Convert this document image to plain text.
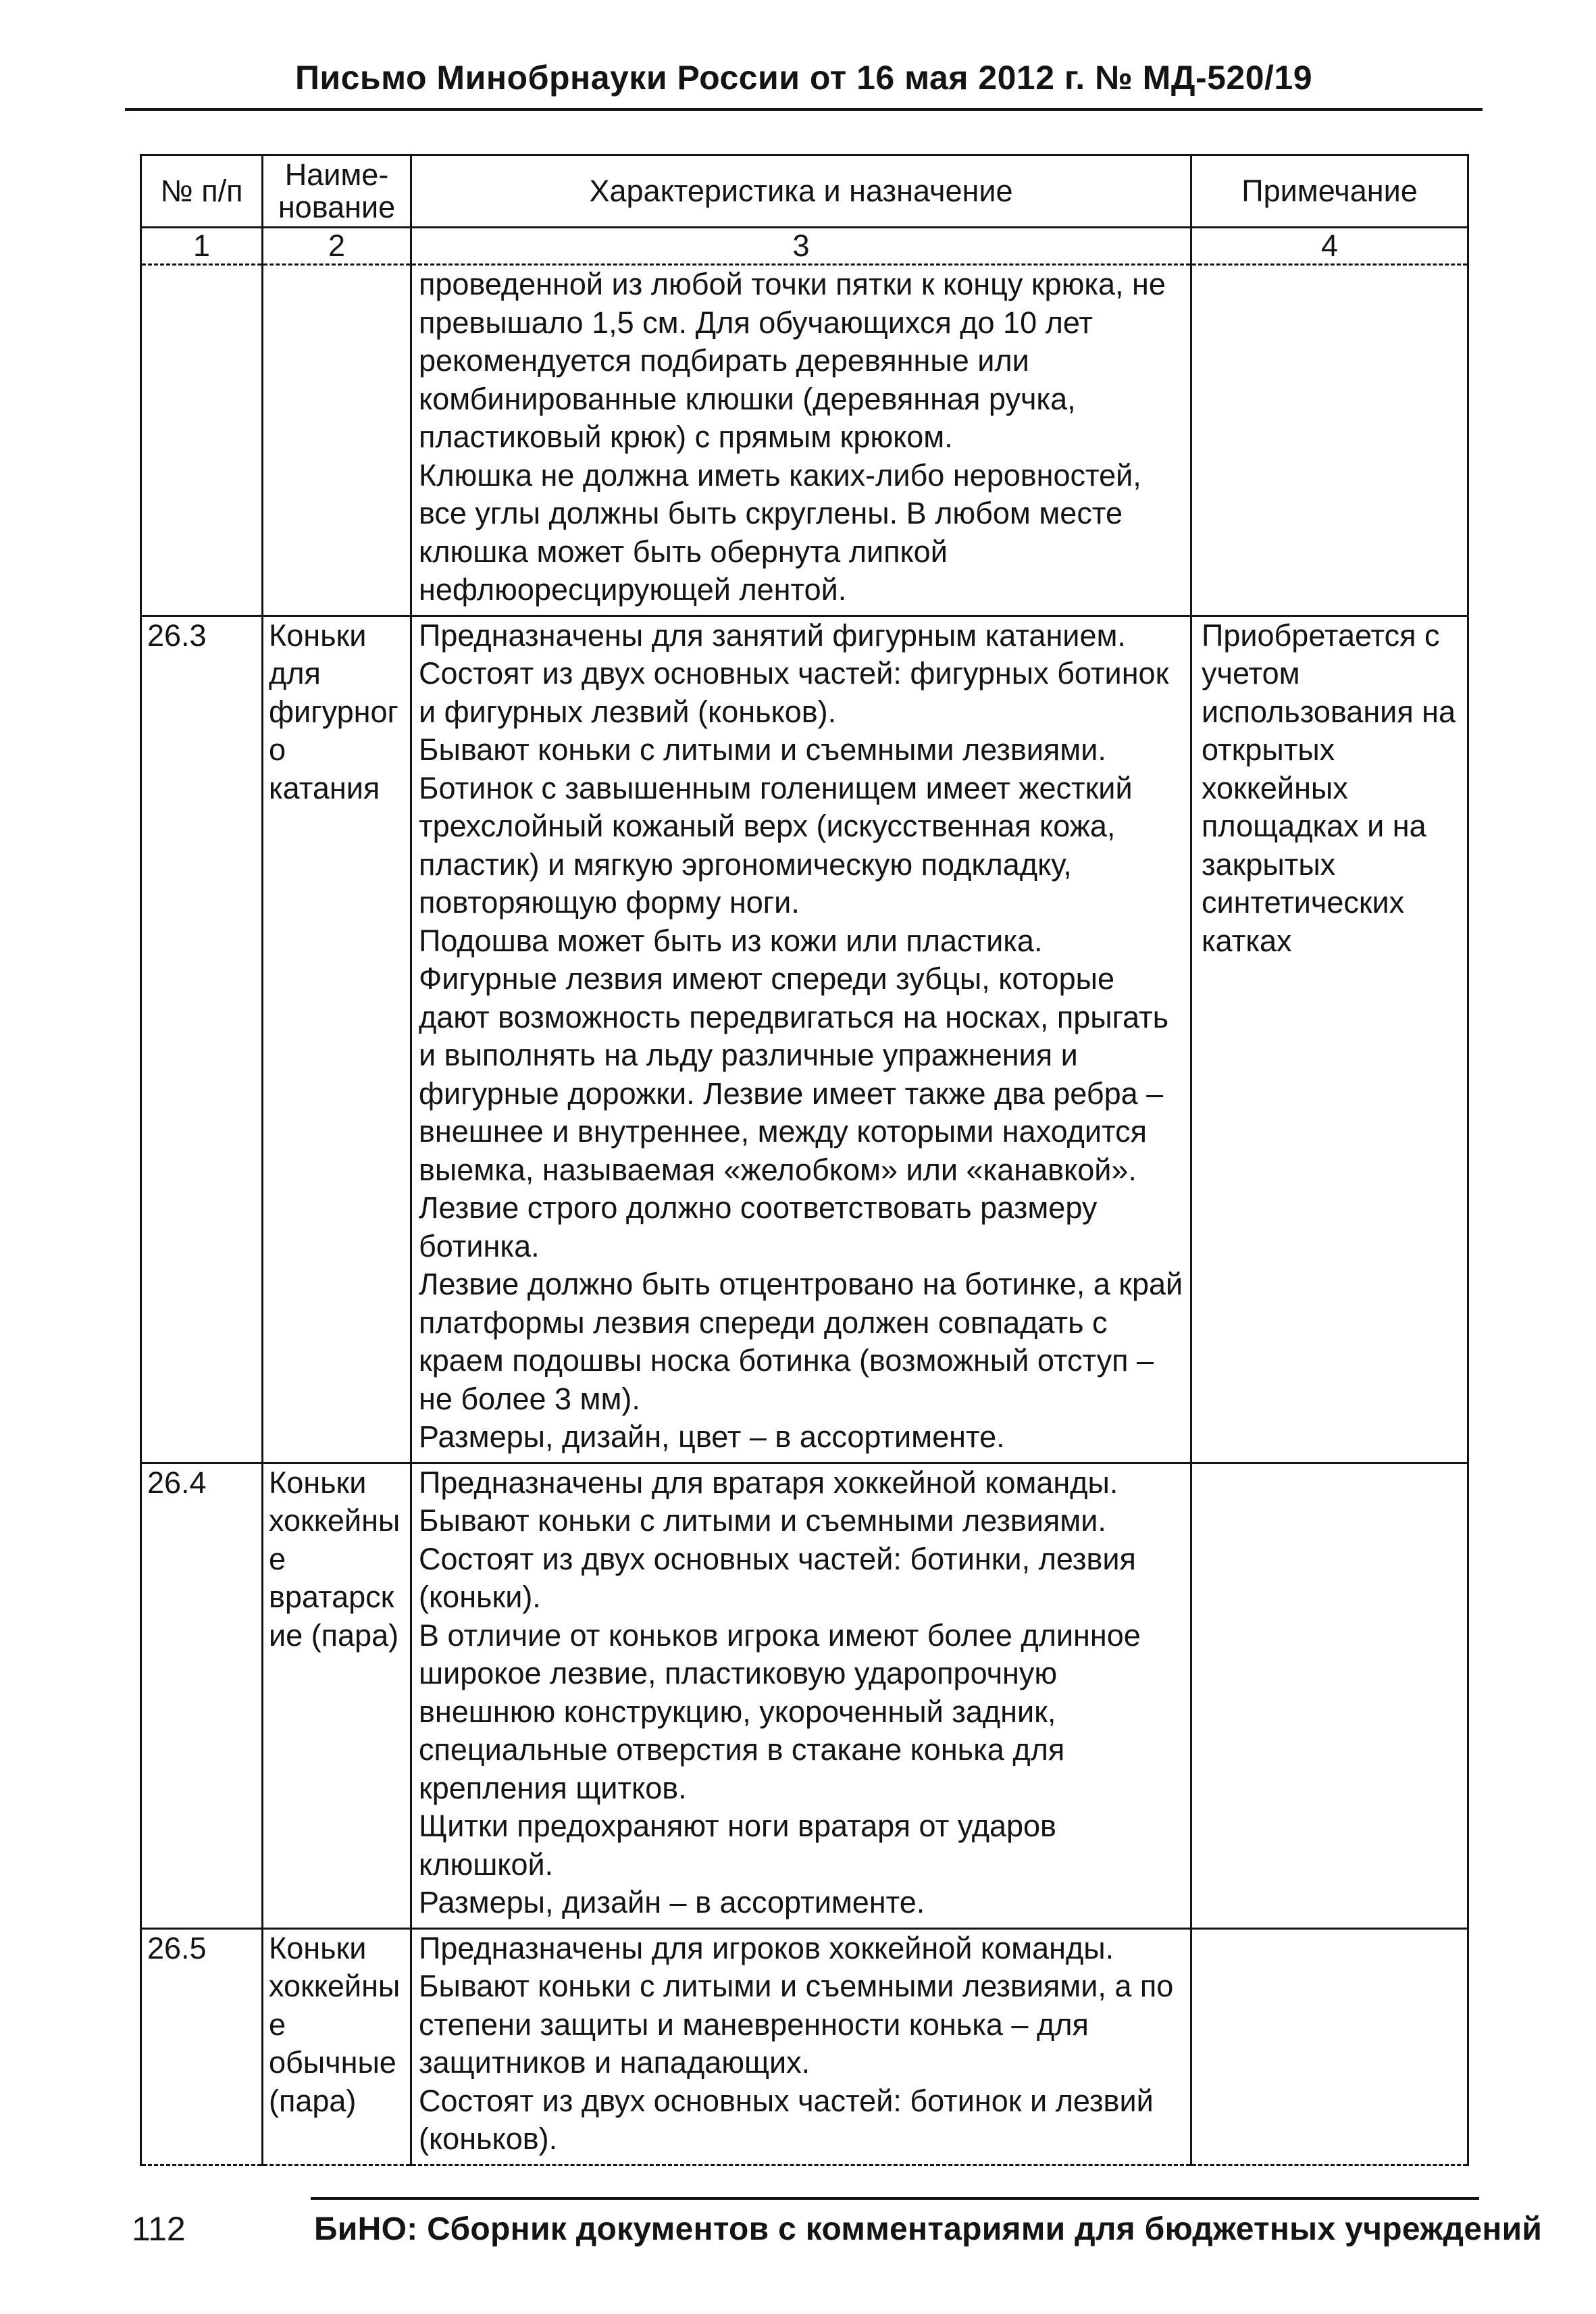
Письмо Минобрнауки России от 16 мая 2012 г. № МД-520/19
№ п/п	Наиме-нование	Характеристика и назначение	Примечание
1	2	3	4

		проведенной из любой точки пятки к концу крюка, не превышало 1,5 см. Для обучающихся до 10 лет рекомендуется подбирать деревянные или комбинированные клюшки (деревянная ручка, пластиковый крюк) с прямым крюком.
Клюшка не должна иметь каких-либо неровностей, все углы должны быть скруглены. В любом месте клюшка может быть обернута липкой нефлюоресцирующей лентой.	

26.3	Коньки для фигурного катания	Предназначены для занятий фигурным катанием. Состоят из двух основных частей: фигурных ботинок и фигурных лезвий (коньков).
Бывают коньки с литыми и съемными лезвиями. Ботинок с завышенным голенищем имеет жесткий трехслойный кожаный верх (искусственная кожа, пластик) и мягкую эргономическую подкладку, повторяющую форму ноги.
Подошва может быть из кожи или пластика. Фигурные лезвия имеют спереди зубцы, которые дают возможность передвигаться на носках, прыгать и выполнять на льду различные упражнения и фигурные дорожки. Лезвие имеет также два ребра – внешнее и внутреннее, между которыми находится выемка, называемая «желобком» или «канавкой». Лезвие строго должно соответствовать размеру ботинка.
Лезвие должно быть отцентровано на ботинке, а край платформы лезвия спереди должен совпадать с краем подошвы носка ботинка (возможный отступ – не более 3 мм).
Размеры, дизайн, цвет – в ассортименте.	Приобретается с учетом использования на открытых хоккейных площадках и на закрытых синтетических катках
26.4	Коньки хоккейные вратарские (пара)	Предназначены для вратаря хоккейной команды. Бывают коньки с литыми и съемными лезвиями. Состоят из двух основных частей: ботинки, лезвия (коньки).
В отличие от коньков игрока имеют более длинное широкое лезвие, пластиковую ударопрочную внешнюю конструкцию, укороченный задник, специальные отверстия в стакане конька для крепления щитков.
Щитки предохраняют ноги вратаря от ударов клюшкой.
Размеры, дизайн – в ассортименте.	

26.5	Коньки хоккейные обычные (пара)	Предназначены для игроков хоккейной команды. Бывают коньки с литыми и съемными лезвиями, а по степени защиты и маневренности конька – для защитников и нападающих.
Состоят из двух основных частей: ботинок и лезвий (коньков).	

112	БиНО: Сборник документов с комментариями для бюджетных учреждений
